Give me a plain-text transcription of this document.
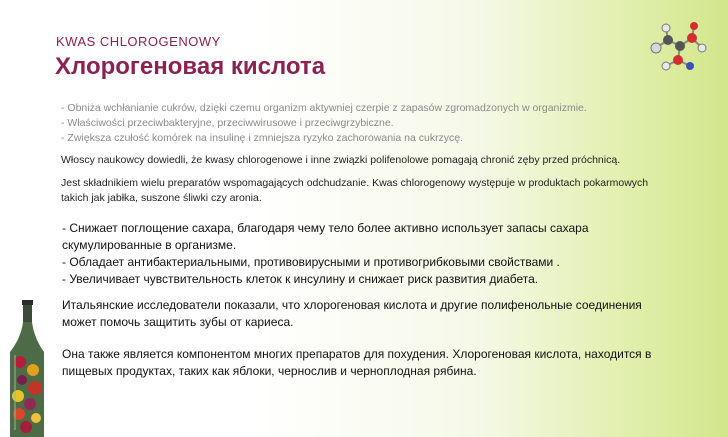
KWAS CHLOROGENOWY
Хлорогеновая кислота
- Obniża wchłanianie cukrów, dzięki czemu organizm aktywniej czerpie z zapasów zgromadzonych w organizmie.
- Właściwości przeciwbakteryjne, przeciwwirusowe i przeciwgrzybiczne.
- Zwiększa czułość komórek na insulinę i zmniejsza ryzyko zachorowania na cukrzycę.
Włoscy naukowcy dowiedli, że kwasy chlorogenowe i inne związki polifenolowe pomagają chronić zęby przed próchnicą.
Jest składnikiem wielu preparatów wspomagających odchudzanie. Kwas chlorogenowy występuje w produktach pokarmowych
takich jak jabłka, suszone śliwki czy aronia.
- Снижает поглощение сахара, благодаря чему тело более активно использует запасы сахара
скумулированные в организме.
- Обладает антибактериальными, противовирусными и противогрибковыми свойствами .
- Увеличивает чувствительность клеток к инсулину и снижает риск развития диабета.
Итальянские исследователи показали, что хлорогеновая кислота и другие полифенольные соединения
может помочь защитить зубы от кариеса.
Она также является компонентом многих препаратов для похудения. Хлорогеновая кислота, находится в
пищевых продуктах, таких как яблоки, чернослив и черноплодная рябина.
